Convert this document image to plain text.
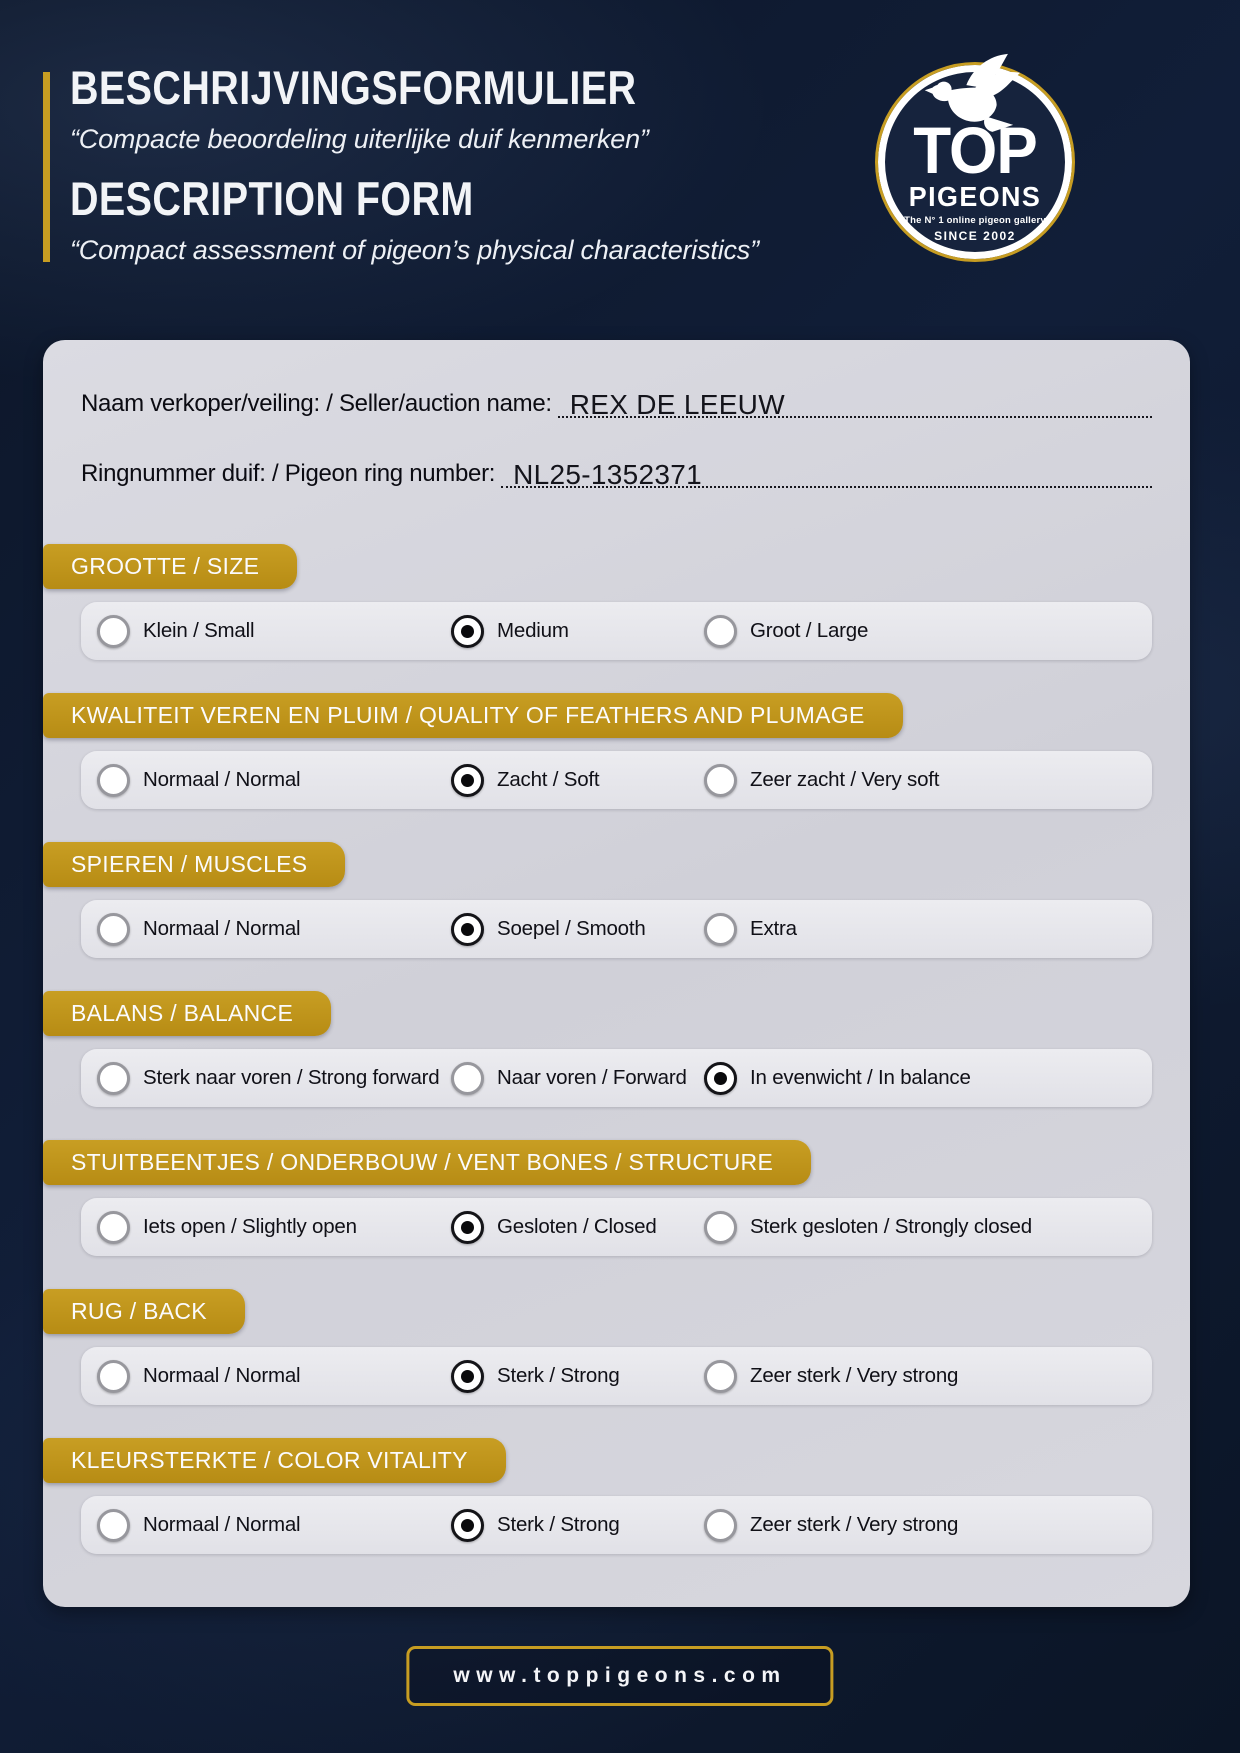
BESCHRIJVINGSFORMULIER

“Compacte beoordeling uiterlijke duif kenmerken”

DESCRIPTION FORM

“Compact assessment of pigeon’s physical characteristics”

TOP
PIGEONS
The N° 1 online pigeon gallery
SINCE 2002
Naam verkoper/veiling: / Seller/auction name: REX DE LEEUW
Ringnummer duif: / Pigeon ring number: NL25-1352371
GROOTTE / SIZE
Klein / Small	Medium	Groot / Large
KWALITEIT VEREN EN PLUIM / QUALITY OF FEATHERS AND PLUMAGE
Normaal / Normal	Zacht / Soft	Zeer zacht / Very soft
SPIEREN / MUSCLES
Normaal / Normal	Soepel / Smooth	Extra
BALANS / BALANCE
Sterk naar voren / Strong forward	Naar voren / Forward	In evenwicht / In balance
STUITBEENTJES / ONDERBOUW / VENT BONES / STRUCTURE
Iets open / Slightly open	Gesloten / Closed	Sterk gesloten / Strongly closed
RUG / BACK
Normaal / Normal	Sterk / Strong	Zeer sterk / Very strong
KLEURSTERKTE / COLOR VITALITY
Normaal / Normal	Sterk / Strong	Zeer sterk / Very strong
www.toppigeons.com
